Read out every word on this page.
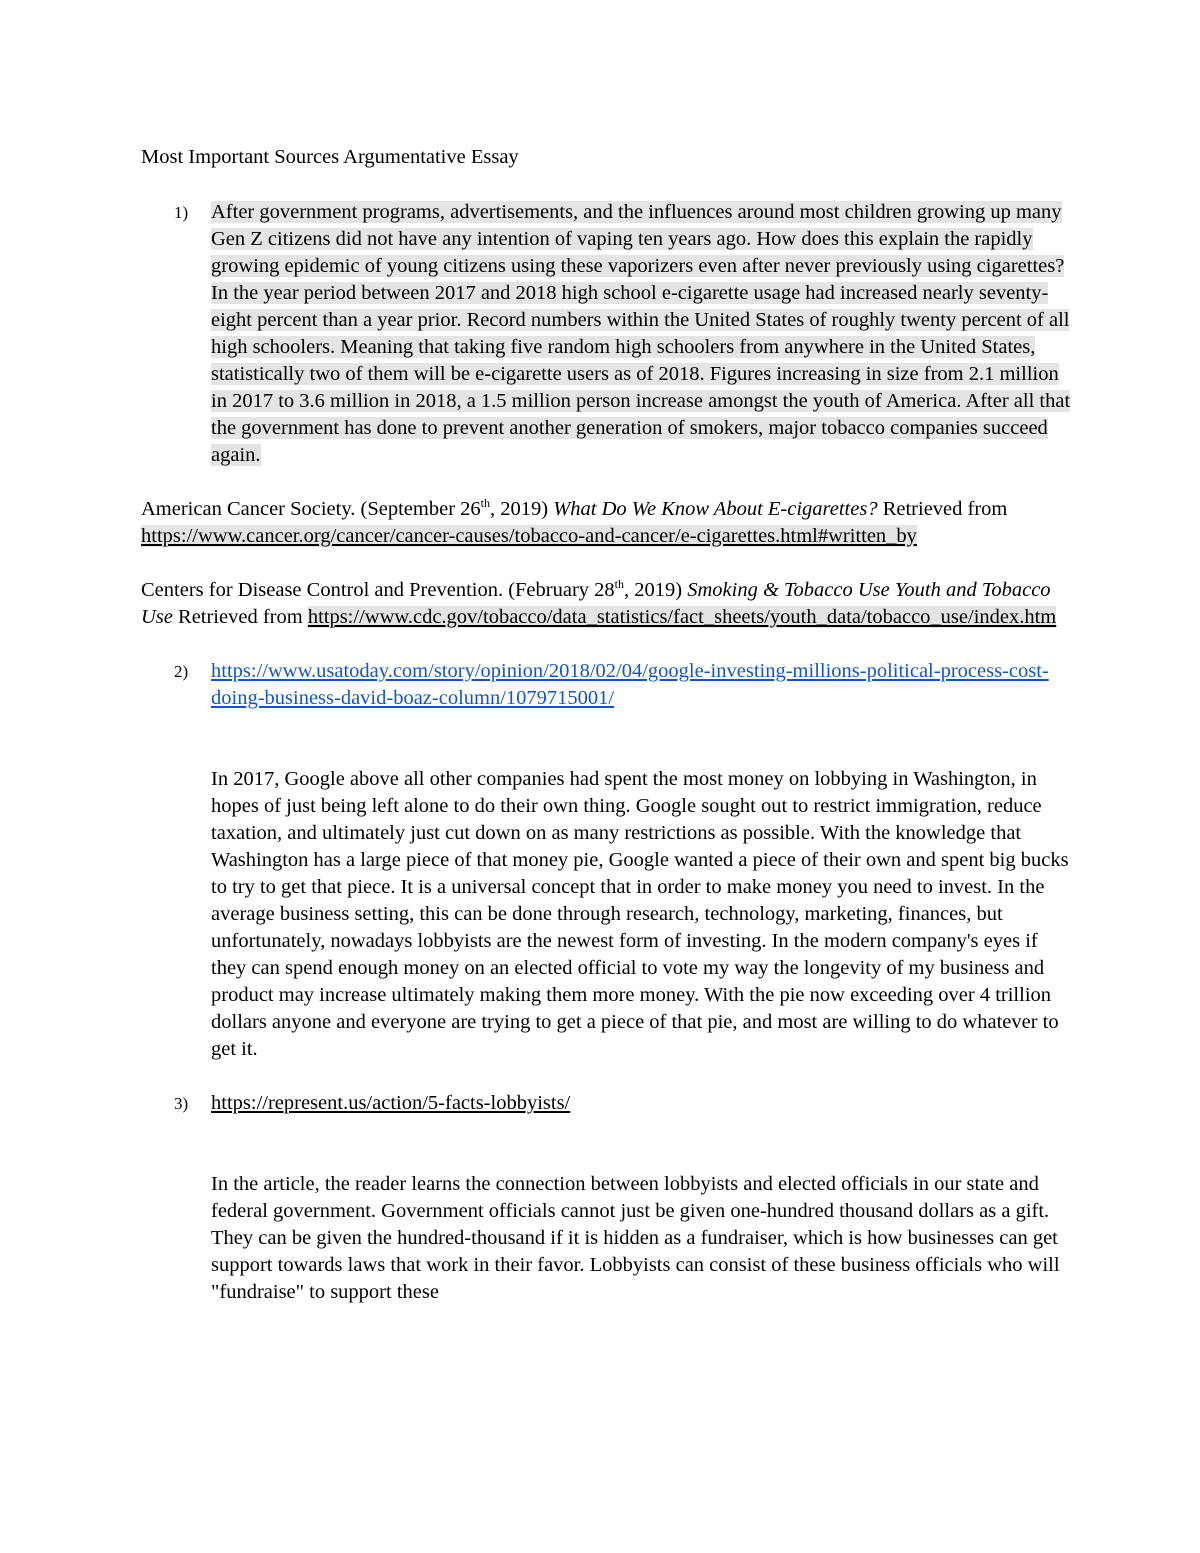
Most Important Sources Argumentative Essay
1) After government programs, advertisements, and the influences around most children growing up many Gen Z citizens did not have any intention of vaping ten years ago. How does this explain the rapidly growing epidemic of young citizens using these vaporizers even after never previously using cigarettes? In the year period between 2017 and 2018 high school e-cigarette usage had increased nearly seventy-eight percent than a year prior. Record numbers within the United States of roughly twenty percent of all high schoolers. Meaning that taking five random high schoolers from anywhere in the United States, statistically two of them will be e-cigarette users as of 2018. Figures increasing in size from 2.1 million in 2017 to 3.6 million in 2018, a 1.5 million person increase amongst the youth of America. After all that the government has done to prevent another generation of smokers, major tobacco companies succeed again.

American Cancer Society. (September 26th, 2019) What Do We Know About E-cigarettes? Retrieved from https://www.cancer.org/cancer/cancer-causes/tobacco-and-cancer/e-cigarettes.html#written_by

Centers for Disease Control and Prevention. (February 28th, 2019) Smoking & Tobacco Use Youth and Tobacco Use Retrieved from https://www.cdc.gov/tobacco/data_statistics/fact_sheets/youth_data/tobacco_use/index.htm

2) https://www.usatoday.com/story/opinion/2018/02/04/google-investing-millions-political-process-cost-doing-business-david-boaz-column/1079715001/

In 2017, Google above all other companies had spent the most money on lobbying in Washington, in hopes of just being left alone to do their own thing. Google sought out to restrict immigration, reduce taxation, and ultimately just cut down on as many restrictions as possible. With the knowledge that Washington has a large piece of that money pie, Google wanted a piece of their own and spent big bucks to try to get that piece. It is a universal concept that in order to make money you need to invest. In the average business setting, this can be done through research, technology, marketing, finances, but unfortunately, nowadays lobbyists are the newest form of investing. In the modern company's eyes if they can spend enough money on an elected official to vote my way the longevity of my business and product may increase ultimately making them more money. With the pie now exceeding over 4 trillion dollars anyone and everyone are trying to get a piece of that pie, and most are willing to do whatever to get it.

3) https://represent.us/action/5-facts-lobbyists/

In the article, the reader learns the connection between lobbyists and elected officials in our state and federal government. Government officials cannot just be given one-hundred thousand dollars as a gift. They can be given the hundred-thousand if it is hidden as a fundraiser, which is how businesses can get support towards laws that work in their favor. Lobbyists can consist of these business officials who will "fundraise" to support these
